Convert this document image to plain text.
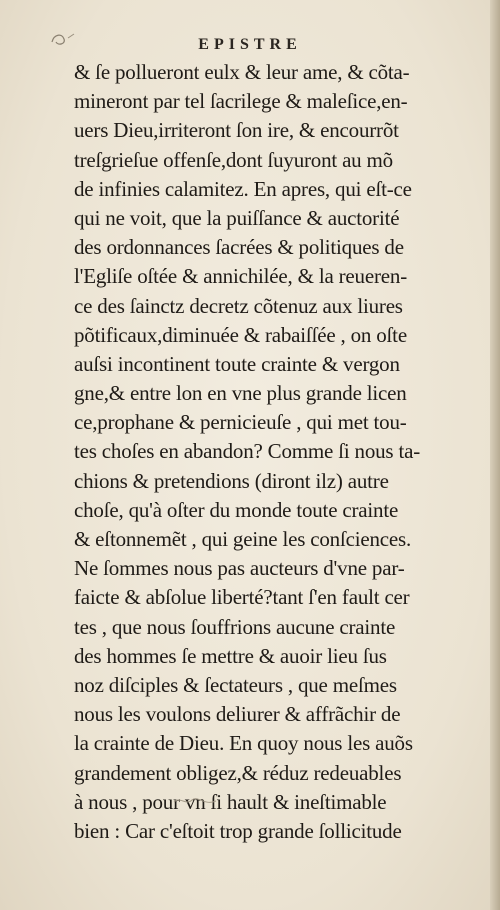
EPISTRE
& ſe pollueront eulx & leur ame, & cõta-
mineront par tel ſacrilege & maleſice,en-
uers Dieu,irriteront ſon ire, & encourrõt
treſgrieſue offenſe,dont ſuyuront au mõ
de infinies calamitez. En apres, qui eſt-ce
qui ne voit, que la puiſſance & auctorité
des ordonnances ſacrées & politiques de
l'Egliſe oſtée & annichilée, & la reueren-
ce des ſainctz decretz cõtenuz aux liures
põtificaux,diminuée & rabaiſſée , on oſte
auſsi incontinent toute crainte & vergon
gne,& entre lon en vne plus grande licen
ce,prophane & pernicieuſe , qui met tou-
tes choſes en abandon? Comme ſi nous ta-
chions & pretendions (diront ilz) autre
choſe, qu'à oſter du monde toute crainte
& eſtonnemẽt , qui geine les conſciences.
Ne ſommes nous pas aucteurs d'vne par-
faicte & abſolue liberté?tant ſ'en fault cer
tes , que nous ſouffrions aucune crainte
des hommes ſe mettre & auoir lieu ſus
noz diſciples & ſectateurs , que meſmes
nous les voulons deliurer & affrãchir de
la crainte de Dieu. En quoy nous les auõs
grandement obligez,& réduz redeuables
à nous , pour vn ſi hault & ineſtimable
bien : Car c'eſtoit trop grande ſollicitude
